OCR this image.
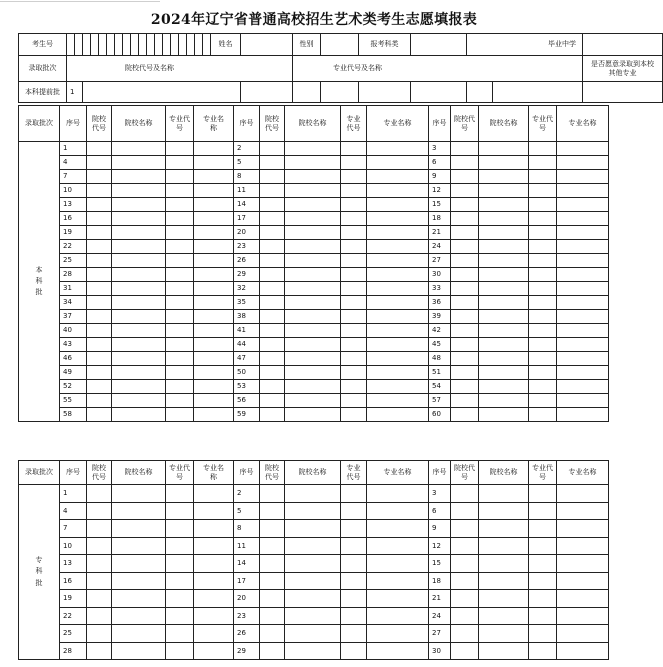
2024年辽宁省普通高校招生艺术类考生志愿填报表
考生号																			姓名		性别		报考科类		毕业中学		
录取批次	院校代号及名称																				专业代号及名称						是否愿意录取到本校其他专业
本科提前批	1																										
录取批次	序号	院校代号	院校名称	专业代号	专业名称	序号	院校代号	院校名称	专业代号	专业名称	序号	院校代号	院校名称	专业代号	专业名称
本科批	1					2					3				
	4					5					6				
	7					8					9				
	10					11					12				
	13					14					15				
	16					17					18				
	19					20					21				
	22					23					24				
	25					26					27				
	28					29					30				
	31					32					33				
	34					35					36				
	37					38					39				
	40					41					42				
	43					44					45				
	46					47					48				
	49					50					51				
	52					53					54				
	55					56					57				
	58					59					60				
录取批次	序号	院校代号	院校名称	专业代号	专业名称	序号	院校代号	院校名称	专业代号	专业名称	序号	院校代号	院校名称	专业代号	专业名称
专科批	1					2					3				
	4					5					6				
	7					8					9				
	10					11					12				
	13					14					15				
	16					17					18				
	19					20					21				
	22					23					24				
	25					26					27				
	28					29					30				
